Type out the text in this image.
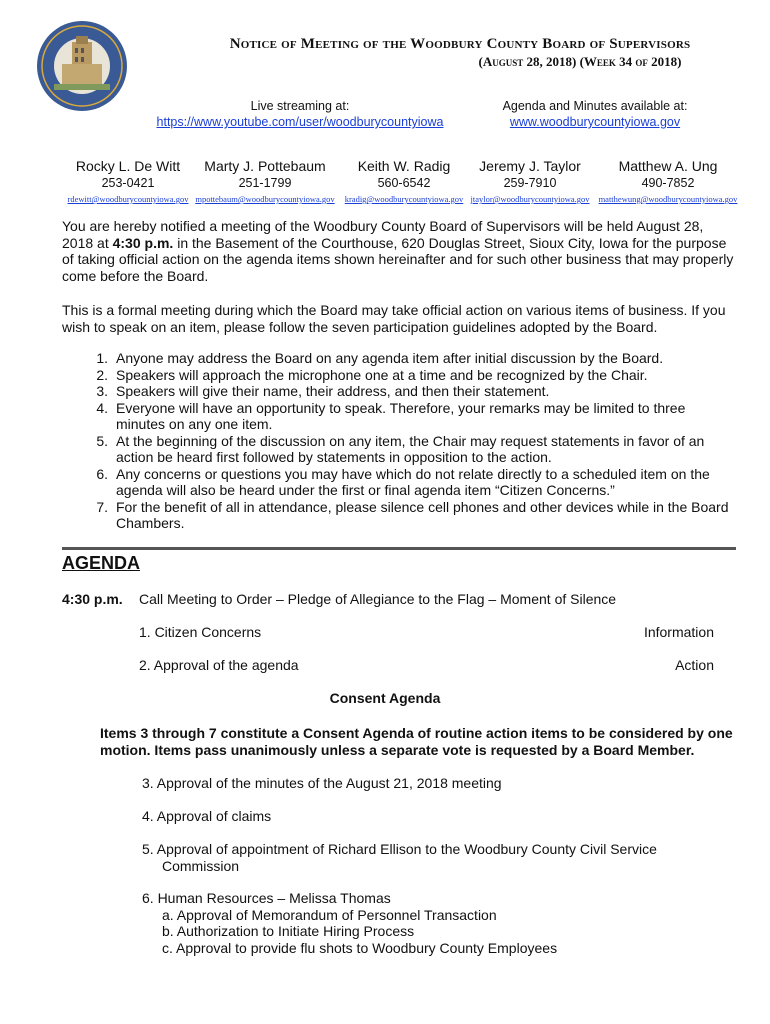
Notice of Meeting of the Woodbury County Board of Supervisors
(August 28, 2018) (Week 34 of 2018)
Live streaming at:
https://www.youtube.com/user/woodburycountyiowa
Agenda and Minutes available at:
www.woodburycountyiowa.gov
Rocky L. De Witt
253-0421
rdewitt@woodburycountyiowa.gov
Marty J. Pottebaum
251-1799
mpottebaum@woodburycountyiowa.gov
Keith W. Radig
560-6542
kradig@woodburycountyiowa.gov
Jeremy J. Taylor
259-7910
jtaylor@woodburycountyiowa.gov
Matthew A. Ung
490-7852
matthewung@woodburycountyiowa.gov
You are hereby notified a meeting of the Woodbury County Board of Supervisors will be held August 28, 2018 at 4:30 p.m. in the Basement of the Courthouse, 620 Douglas Street, Sioux City, Iowa for the purpose of taking official action on the agenda items shown hereinafter and for such other business that may properly come before the Board.
This is a formal meeting during which the Board may take official action on various items of business. If you wish to speak on an item, please follow the seven participation guidelines adopted by the Board.
1. Anyone may address the Board on any agenda item after initial discussion by the Board.
2. Speakers will approach the microphone one at a time and be recognized by the Chair.
3. Speakers will give their name, their address, and then their statement.
4. Everyone will have an opportunity to speak. Therefore, your remarks may be limited to three minutes on any one item.
5. At the beginning of the discussion on any item, the Chair may request statements in favor of an action be heard first followed by statements in opposition to the action.
6. Any concerns or questions you may have which do not relate directly to a scheduled item on the agenda will also be heard under the first or final agenda item “Citizen Concerns.”
7. For the benefit of all in attendance, please silence cell phones and other devices while in the Board Chambers.
AGENDA
4:30 p.m. Call Meeting to Order – Pledge of Allegiance to the Flag – Moment of Silence
1. Citizen Concerns	Information
2. Approval of the agenda	Action
Consent Agenda
Items 3 through 7 constitute a Consent Agenda of routine action items to be considered by one motion. Items pass unanimously unless a separate vote is requested by a Board Member.
3. Approval of the minutes of the August 21, 2018 meeting
4. Approval of claims
5. Approval of appointment of Richard Ellison to the Woodbury County Civil Service
Commission
6. Human Resources – Melissa Thomas
a. Approval of Memorandum of Personnel Transaction
b. Authorization to Initiate Hiring Process
c. Approval to provide flu shots to Woodbury County Employees
